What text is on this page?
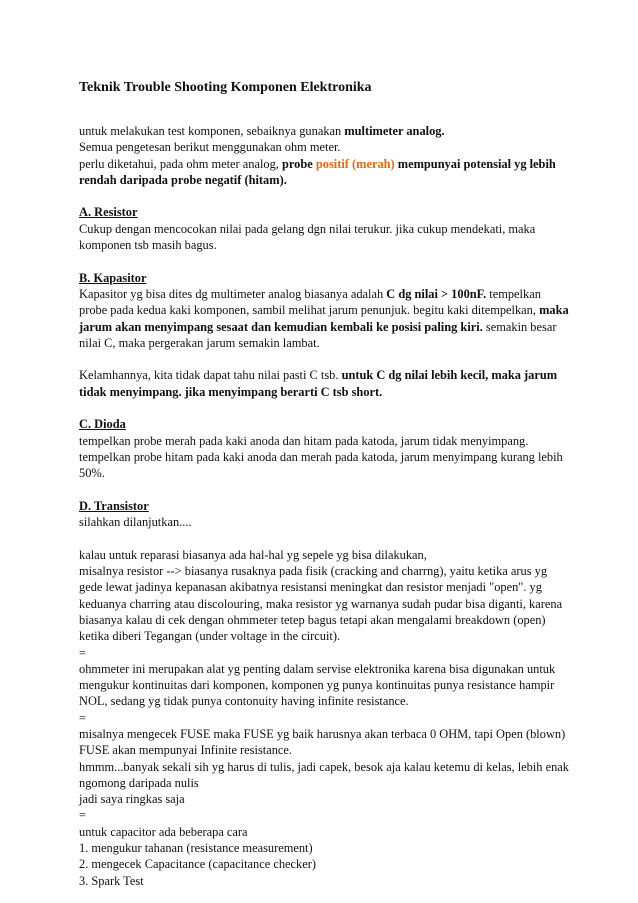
Teknik Trouble Shooting Komponen Elektronika

untuk melakukan test komponen, sebaiknya gunakan multimeter analog.

Semua pengetesan berikut menggunakan ohm meter.

perlu diketahui, pada ohm meter analog, probe positif (merah) mempunyai potensial yg lebih rendah daripada probe negatif (hitam).

A. Resistor

Cukup dengan mencocokan nilai pada gelang dgn nilai terukur. jika cukup mendekati, maka komponen tsb masih bagus.

B. Kapasitor

Kapasitor yg bisa dites dg multimeter analog biasanya adalah C dg nilai > 100nF. tempelkan probe pada kedua kaki komponen, sambil melihat jarum penunjuk. begitu kaki ditempelkan, maka jarum akan menyimpang sesaat dan kemudian kembali ke posisi paling kiri. semakin besar nilai C, maka pergerakan jarum semakin lambat.

Kelamhannya, kita tidak dapat tahu nilai pasti C tsb. untuk C dg nilai lebih kecil, maka jarum tidak menyimpang. jika menyimpang berarti C tsb short.

C. Dioda

tempelkan probe merah pada kaki anoda dan hitam pada katoda, jarum tidak menyimpang.

tempelkan probe hitam pada kaki anoda dan merah pada katoda, jarum menyimpang kurang lebih 50%.

D. Transistor

silahkan dilanjutkan....

kalau untuk reparasi biasanya ada hal-hal yg sepele yg bisa dilakukan,

misalnya resistor --> biasanya rusaknya pada fisik (cracking and charrng), yaitu ketika arus yg gede lewat jadinya kepanasan akibatnya resistansi meningkat dan resistor menjadi "open". yg keduanya charring atau discolouring, maka resistor yg warnanya sudah pudar bisa diganti, karena biasanya kalau di cek dengan ohmmeter tetep bagus tetapi akan mengalami breakdown (open) ketika diberi Tegangan (under voltage in the circuit).

=

ohmmeter ini merupakan alat yg penting dalam servise elektronika karena bisa digunakan untuk mengukur kontinuitas dari komponen, komponen yg punya kontinuitas punya resistance hampir NOL, sedang yg tidak punya contonuity having infinite resistance.

=

misalnya mengecek FUSE maka FUSE yg baik harusnya akan terbaca 0 OHM, tapi Open (blown) FUSE akan mempunyai Infinite resistance.

hmmm...banyak sekali sih yg harus di tulis, jadi capek, besok aja kalau ketemu di kelas, lebih enak ngomong daripada nulis

jadi saya ringkas saja

=

untuk capacitor ada beberapa cara

1. mengukur tahanan (resistance measurement)

2. mengecek Capacitance (capacitance checker)

3. Spark Test
